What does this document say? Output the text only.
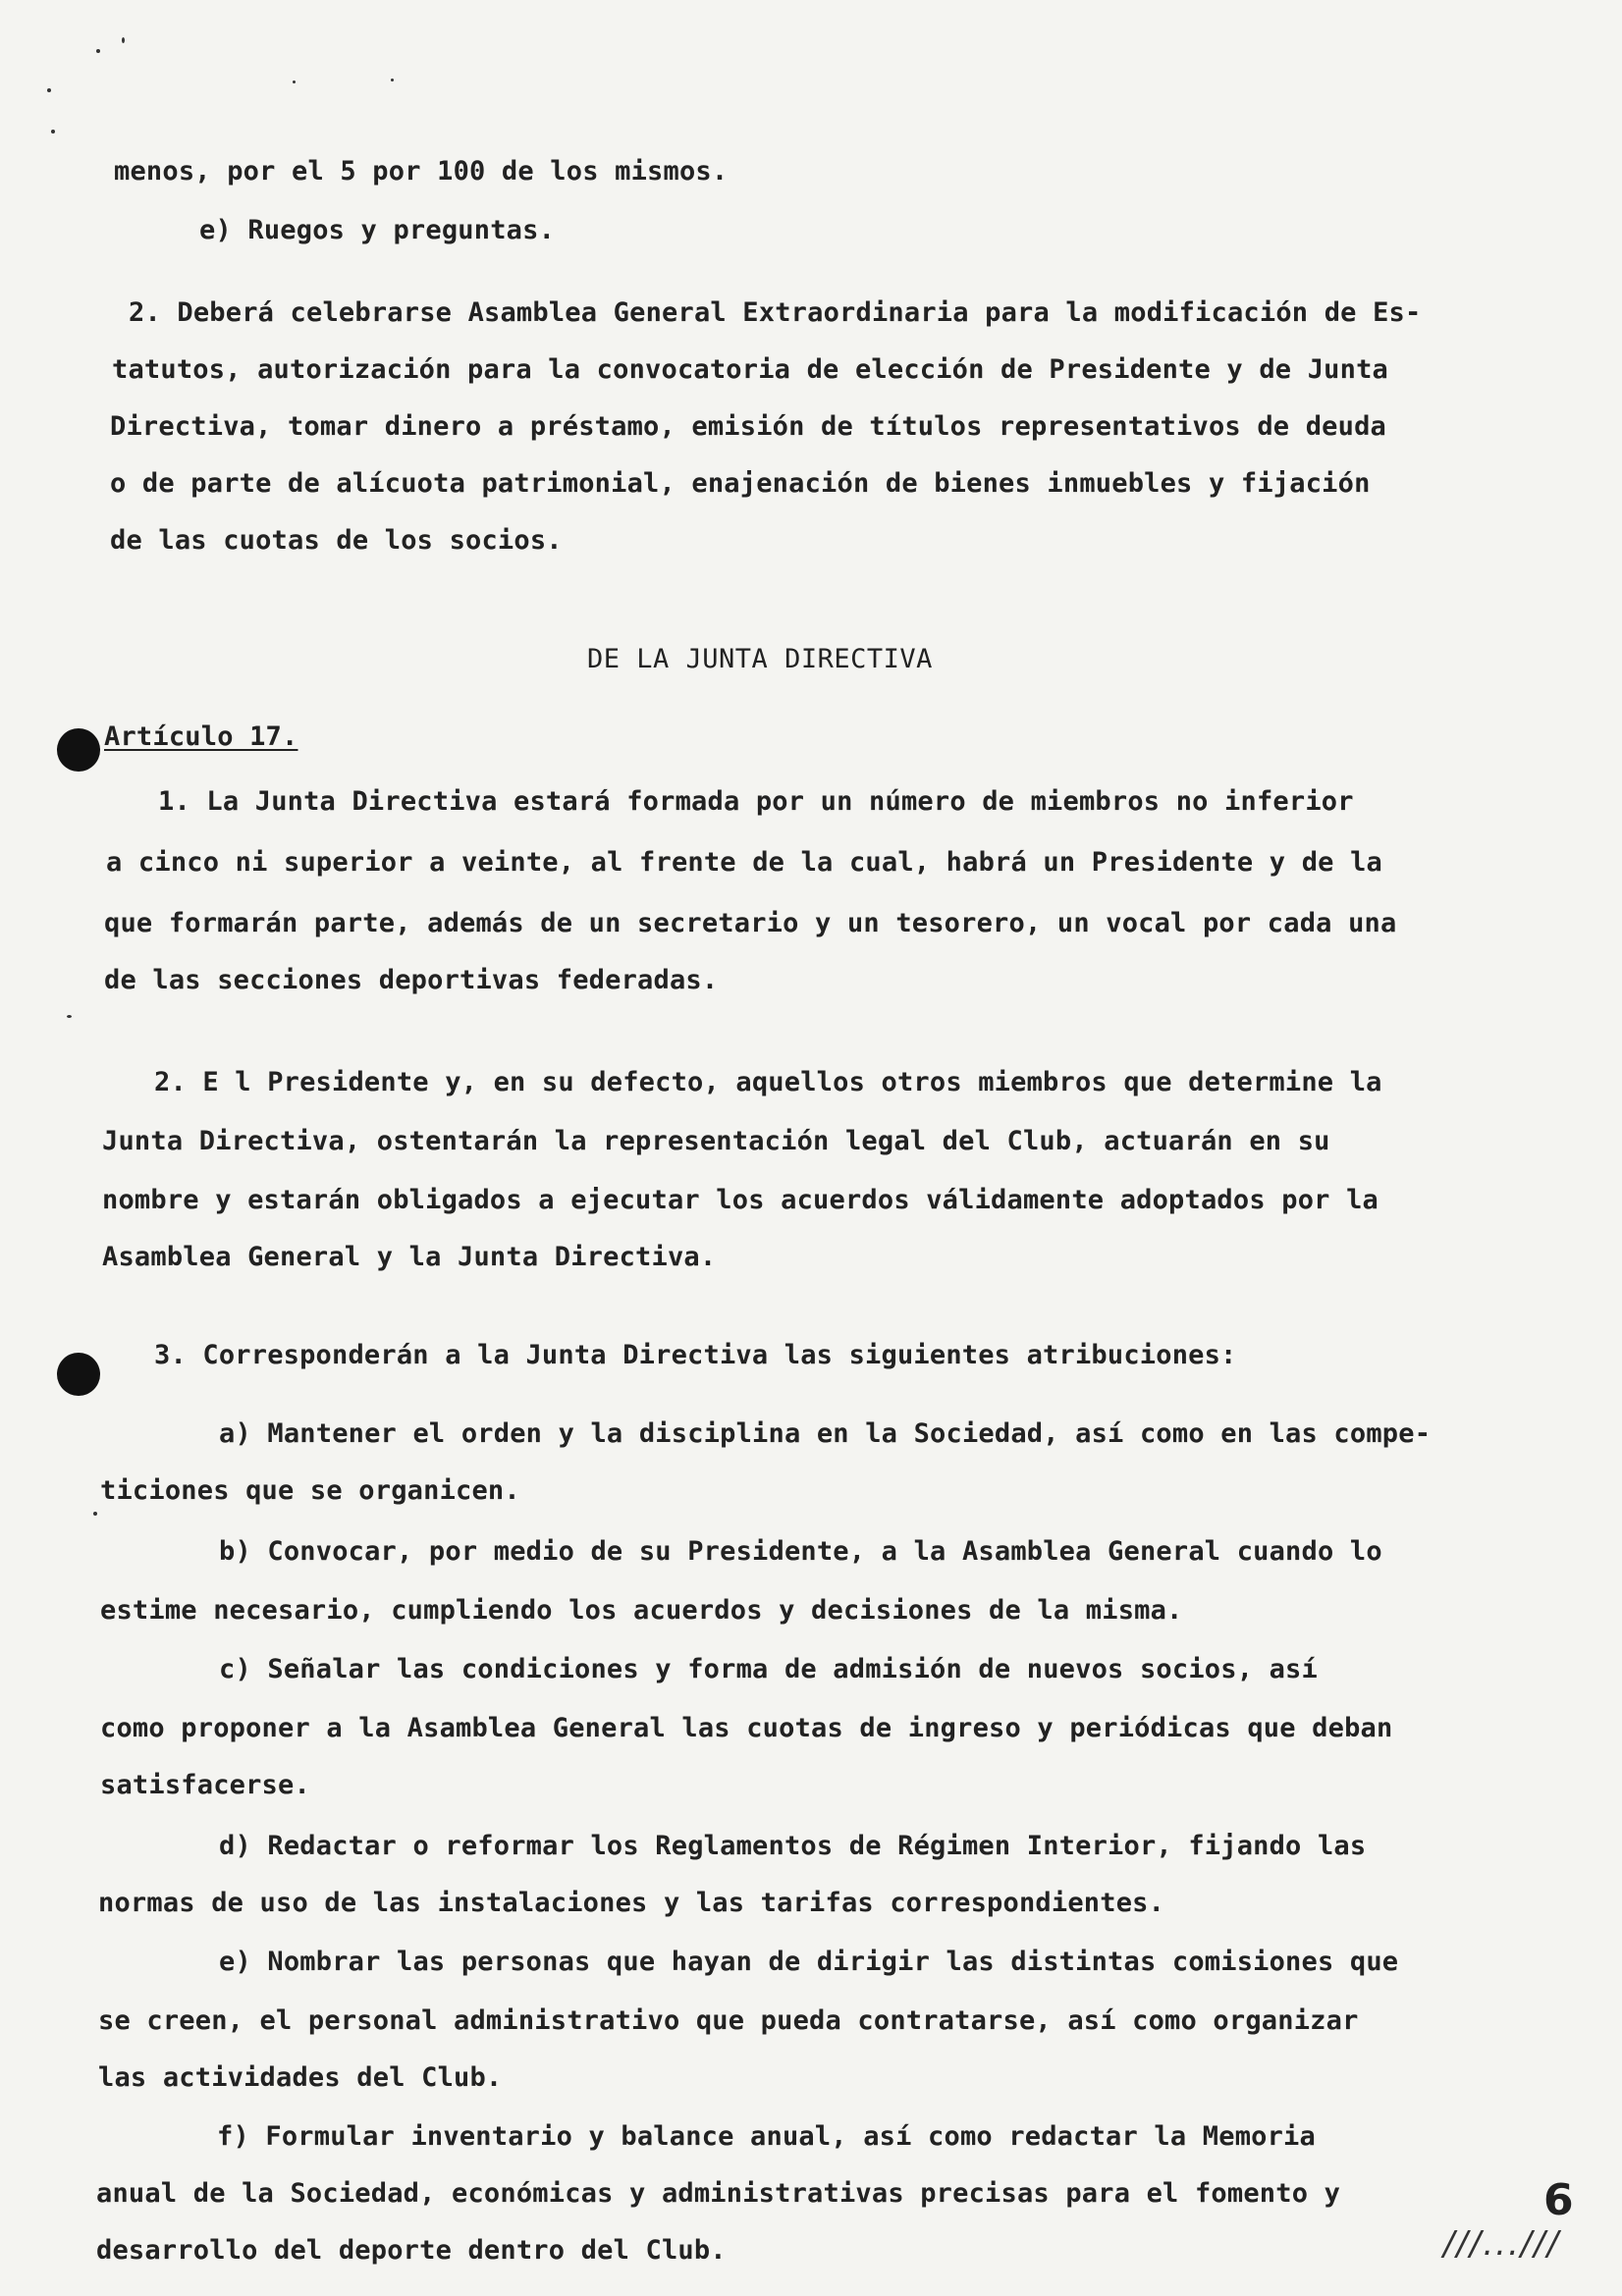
menos, por el 5 por 100 de los mismos.
e) Ruegos y preguntas.
2. Deberá celebrarse Asamblea General Extraordinaria para la modificación de Es-
tatutos, autorización para la convocatoria de elección de Presidente y de Junta
Directiva, tomar dinero a préstamo, emisión de títulos representativos de deuda
o de parte de alícuota patrimonial, enajenación de bienes inmuebles y fijación
de las cuotas de los socios.
DE LA JUNTA DIRECTIVA
Artículo 17.
1. La Junta Directiva estará formada por un número de miembros no inferior
a cinco ni superior a veinte, al frente de la cual, habrá un Presidente y de la
que formarán parte, además de un secretario y un tesorero, un vocal por cada una
de las secciones deportivas federadas.
2. E l Presidente y, en su defecto, aquellos otros miembros que determine la
Junta Directiva, ostentarán la representación legal del Club, actuarán en su
nombre y estarán obligados a ejecutar los acuerdos válidamente adoptados por la
Asamblea General y la Junta Directiva.
3. Corresponderán a la Junta Directiva las siguientes atribuciones:
a) Mantener el orden y la disciplina en la Sociedad, así como en las compe-
ticiones que se organicen.
b) Convocar, por medio de su Presidente, a la Asamblea General cuando lo
estime necesario, cumpliendo los acuerdos y decisiones de la misma.
c) Señalar las condiciones y forma de admisión de nuevos socios, así
como proponer a la Asamblea General las cuotas de ingreso y periódicas que deban
satisfacerse.
d) Redactar o reformar los Reglamentos de Régimen Interior, fijando las
normas de uso de las instalaciones y las tarifas correspondientes.
e) Nombrar las personas que hayan de dirigir las distintas comisiones que
se creen, el personal administrativo que pueda contratarse, así como organizar
las actividades del Club.
f) Formular inventario y balance anual, así como redactar la Memoria
anual de la Sociedad, económicas y administrativas precisas para el fomento y
desarrollo del deporte dentro del Club.
6
///...///
